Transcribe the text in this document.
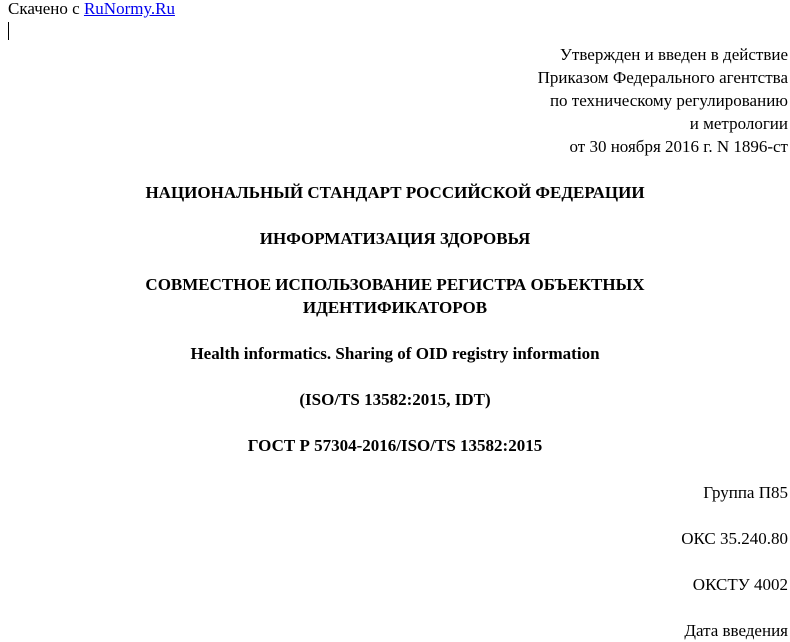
Скачено с RuNormy.Ru
Утвержден и введен в действие
Приказом Федерального агентства
по техническому регулированию
и метрологии
от 30 ноября 2016 г. N 1896-ст
НАЦИОНАЛЬНЫЙ СТАНДАРТ РОССИЙСКОЙ ФЕДЕРАЦИИ
ИНФОРМАТИЗАЦИЯ ЗДОРОВЬЯ
СОВМЕСТНОЕ ИСПОЛЬЗОВАНИЕ РЕГИСТРА ОБЪЕКТНЫХ
ИДЕНТИФИКАТОРОВ
Health informatics. Sharing of OID registry information
(ISO/TS 13582:2015, IDT)
ГОСТ Р 57304-2016/ISO/TS 13582:2015
Группа П85
ОКС 35.240.80
ОКСТУ 4002
Дата введения
